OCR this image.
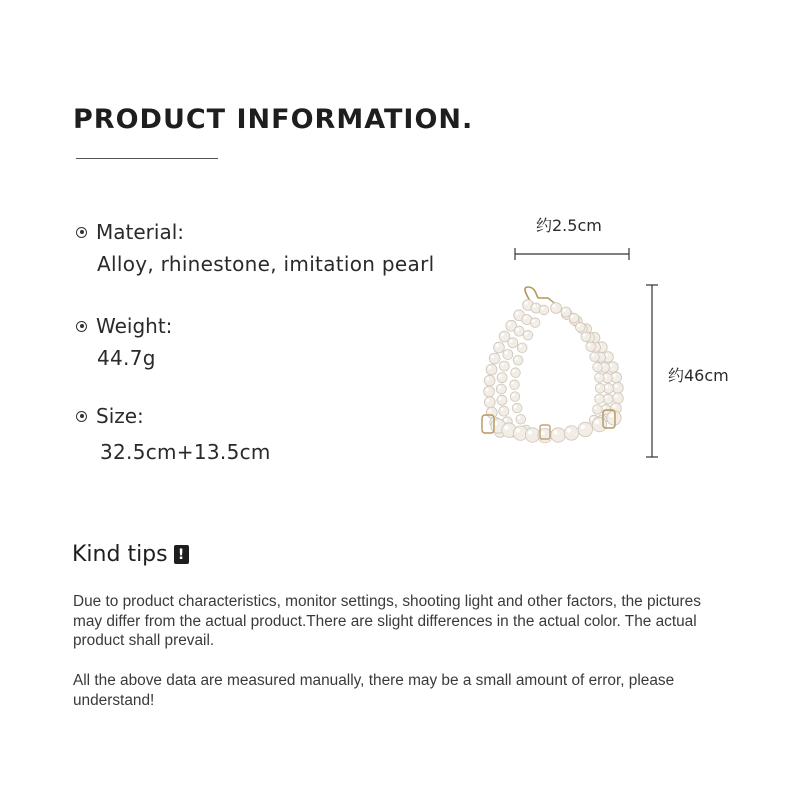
PRODUCT INFORMATION.
Material:
Alloy, rhinestone, imitation pearl
Weight:
44.7g
Size:
32.5cm+13.5cm
约2.5cm
约46cm
Kind tips !

Due to product characteristics, monitor settings, shooting light and other factors, the pictures may differ from the actual product.There are slight differences in the actual color. The actual product shall prevail.

All the above data are measured manually, there may be a small amount of error, please understand!
